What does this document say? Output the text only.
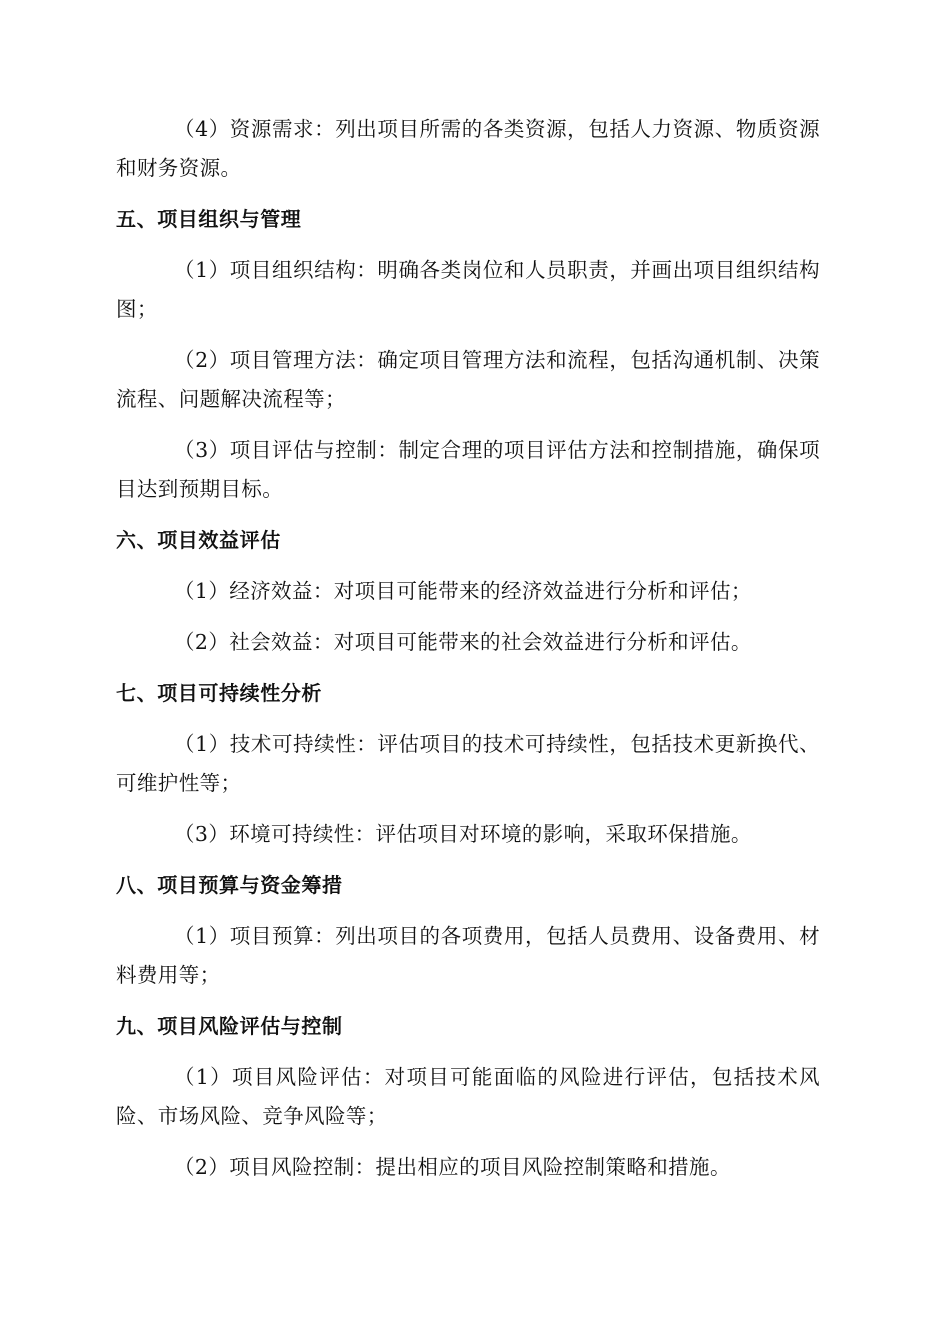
（4）资源需求：列出项目所需的各类资源，包括人力资源、物质资源和财务资源。

五、项目组织与管理

（1）项目组织结构：明确各类岗位和人员职责，并画出项目组织结构图；

（2）项目管理方法：确定项目管理方法和流程，包括沟通机制、决策流程、问题解决流程等；

（3）项目评估与控制：制定合理的项目评估方法和控制措施，确保项目达到预期目标。

六、项目效益评估

（1）经济效益：对项目可能带来的经济效益进行分析和评估；

（2）社会效益：对项目可能带来的社会效益进行分析和评估。

七、项目可持续性分析

（1）技术可持续性：评估项目的技术可持续性，包括技术更新换代、可维护性等；

（3）环境可持续性：评估项目对环境的影响，采取环保措施。

八、项目预算与资金筹措

（1）项目预算：列出项目的各项费用，包括人员费用、设备费用、材料费用等；

九、项目风险评估与控制

（1）项目风险评估：对项目可能面临的风险进行评估，包括技术风险、市场风险、竞争风险等；

（2）项目风险控制：提出相应的项目风险控制策略和措施。
